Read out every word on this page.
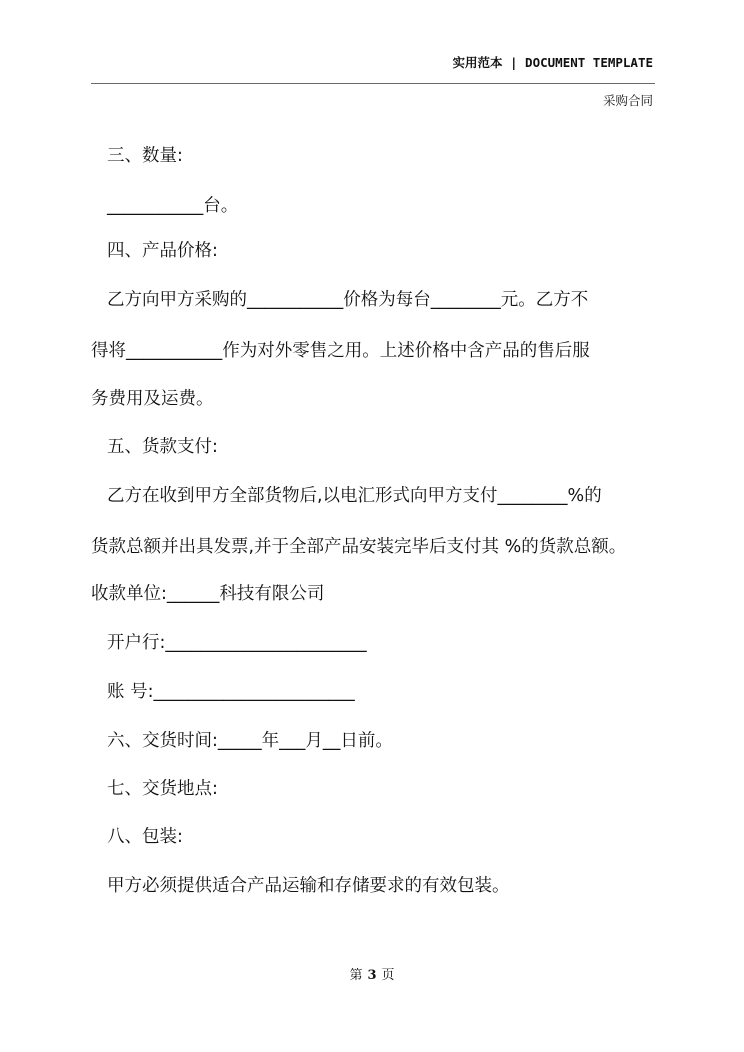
实用范本 | DOCUMENT TEMPLATE
采购合同
三、数量:
___________台。
四、产品价格:
乙方向甲方采购的___________价格为每台________元。乙方不
得将___________作为对外零售之用。上述价格中含产品的售后服
务费用及运费。
五、货款支付:
乙方在收到甲方全部货物后,以电汇形式向甲方支付________%的
货款总额并出具发票,并于全部产品安装完毕后支付其 %的货款总额。
收款单位:______科技有限公司
开户行:_______________________
账 号:_______________________
六、交货时间:_____年___月__日前。
七、交货地点:
八、包装:
甲方必须提供适合产品运输和存储要求的有效包装。
第 3 页
